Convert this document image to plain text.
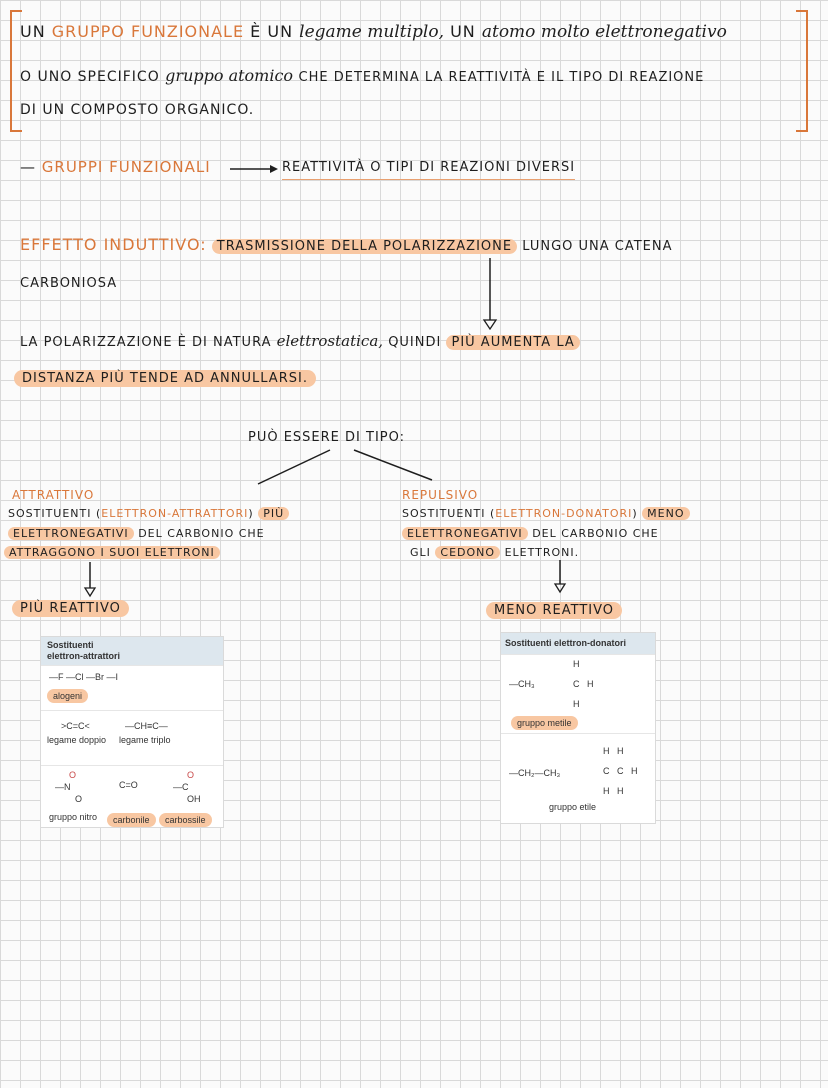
UN GRUPPO FUNZIONALE È UN legame multiplo, UN atomo molto elettronegativo
O UNO SPECIFICO gruppo atomico CHE DETERMINA LA REATTIVITÀ E IL TIPO DI REAZIONE
DI UN COMPOSTO ORGANICO.
— GRUPPI FUNZIONALI	REATTIVITÀ O TIPI DI REAZIONI DIVERSI
EFFETTO INDUTTIVO: TRASMISSIONE DELLA POLARIZZAZIONE LUNGO UNA CATENA
CARBONIOSA
LA POLARIZZAZIONE È DI NATURA elettrostatica, QUINDI PIÙ AUMENTA LA
DISTANZA PIÙ TENDE AD ANNULLARSI.
PUÒ ESSERE DI TIPO:
ATTRATTIVO
SOSTITUENTI (ELETTRON-ATTRATTORI) PIÙ
ELETTRONEGATIVI DEL CARBONIO CHE
ATTRAGGONO I SUOI ELETTRONI
PIÙ REATTIVO
REPULSIVO
SOSTITUENTI (ELETTRON-DONATORI) MENO
ELETTRONEGATIVI DEL CARBONIO CHE
GLI CEDONO ELETTRONI.
MENO REATTIVO
Sostituenti
elettron-attrattori
—F —Cl —Br —I
alogeni
>C=C<
legame doppio
—CH≡C—
legame triplo
O
—N
O
C=O
O
—C
OH
gruppo nitro	carbonile	carbossile
Sostituenti elettron-donatori
—CH₃
H
C H
H
gruppo metile
—CH₂—CH₃
H H
C C H
H H
gruppo etile
